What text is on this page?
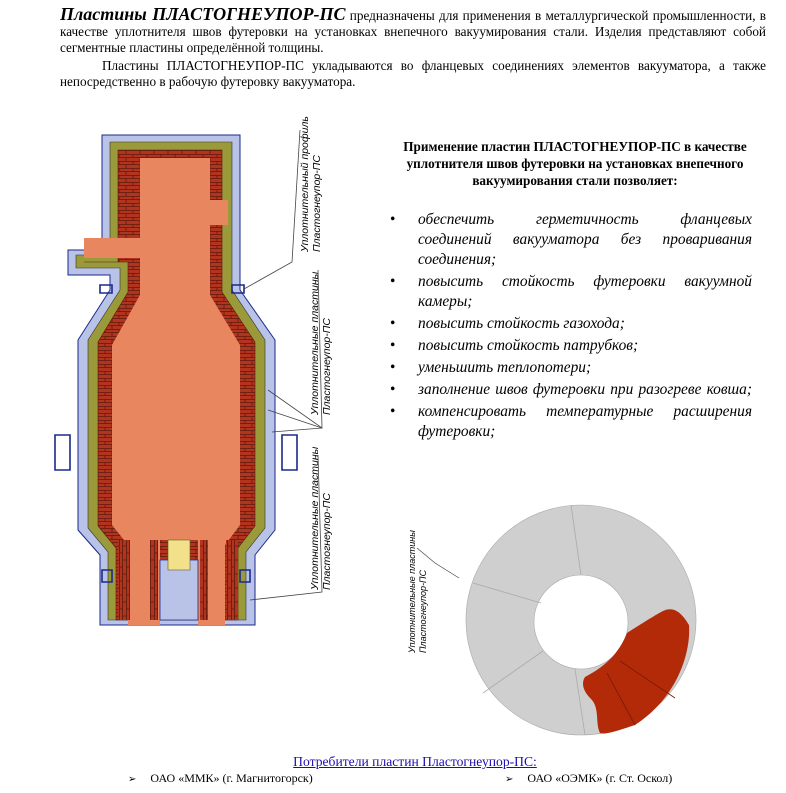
Пластины ПЛАСТОГНЕУПОР-ПС предназначены для применения в металлургической промышленности, в качестве уплотнителя швов футеровки на установках внепечного вакуумирования стали. Изделия представляют собой сегментные пластины определённой толщины.

Пластины ПЛАСТОГНЕУПОР-ПС укладываются во фланцевых соединениях элементов вакууматора, а также непосредственно в рабочую футеровку вакууматора.

Уплотнительный профильПластогнеупор-ПС
Уплотнительные пластиныПластогнеупор-ПС
Уплотнительные пластиныПластогнеупор-ПС
Применение пластин ПЛАСТОГНЕУПОР-ПС в качестве уплотнителя швов футеровки на установках внепечного вакуумирования стали позволяет:
• обеспечить герметичность фланцевых соединений вакууматора без проваривания соединения;
• повысить стойкость футеровки вакуумной камеры;
• повысить стойкость газохода;
• повысить стойкость патрубков;
• уменьшить теплопотери;
• заполнение швов футеровки при разогреве ковша;
• компенсировать температурные расширения футеровки;
Уплотнительные пластиныПластогнеупор-ПС
Потребители пластин Пластогнеупор-ПС:
➢ ОАО «ММК» (г. Магнитогорск)	➢ ОАО «ОЭМК» (г. Ст. Оскол)
